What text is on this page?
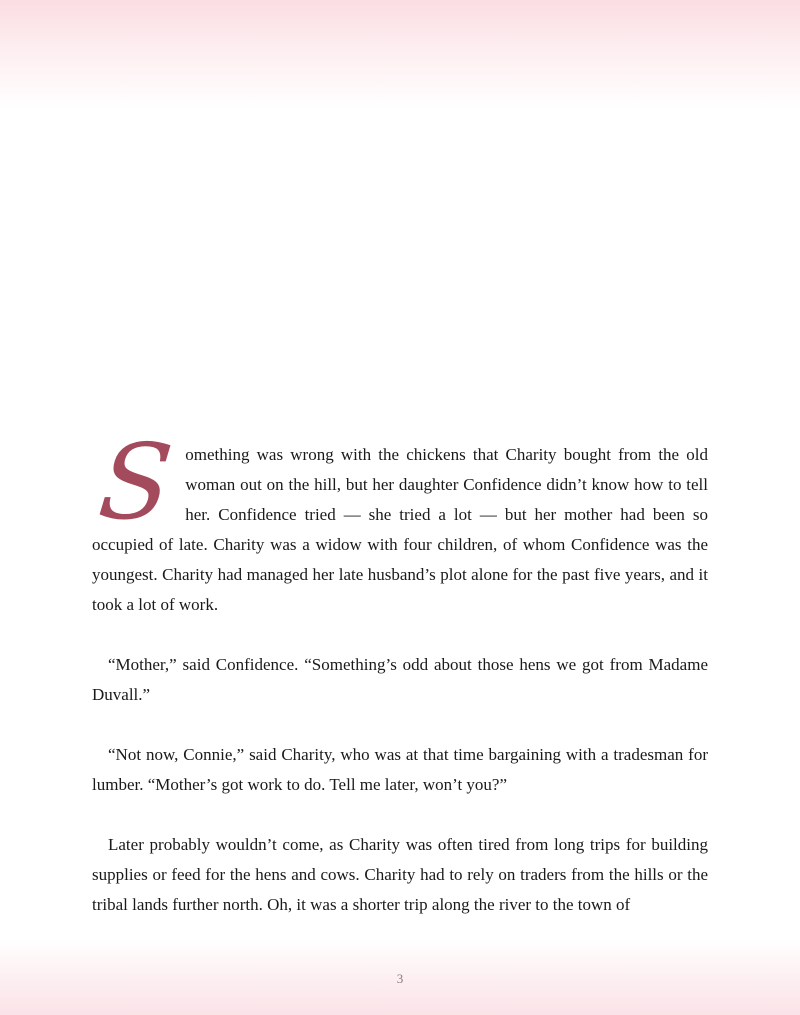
Something was wrong with the chickens that Charity bought from the old woman out on the hill, but her daughter Confidence didn’t know how to tell her. Confidence tried — she tried a lot — but her mother had been so occupied of late. Charity was a widow with four children, of whom Confidence was the youngest. Charity had managed her late husband’s plot alone for the past five years, and it took a lot of work.

“Mother,” said Confidence. “Something’s odd about those hens we got from Madame Duvall.”

“Not now, Connie,” said Charity, who was at that time bargaining with a tradesman for lumber. “Mother’s got work to do. Tell me later, won’t you?”

Later probably wouldn’t come, as Charity was often tired from long trips for building supplies or feed for the hens and cows. Charity had to rely on traders from the hills or the tribal lands further north. Oh, it was a shorter trip along the river to the town of

3
